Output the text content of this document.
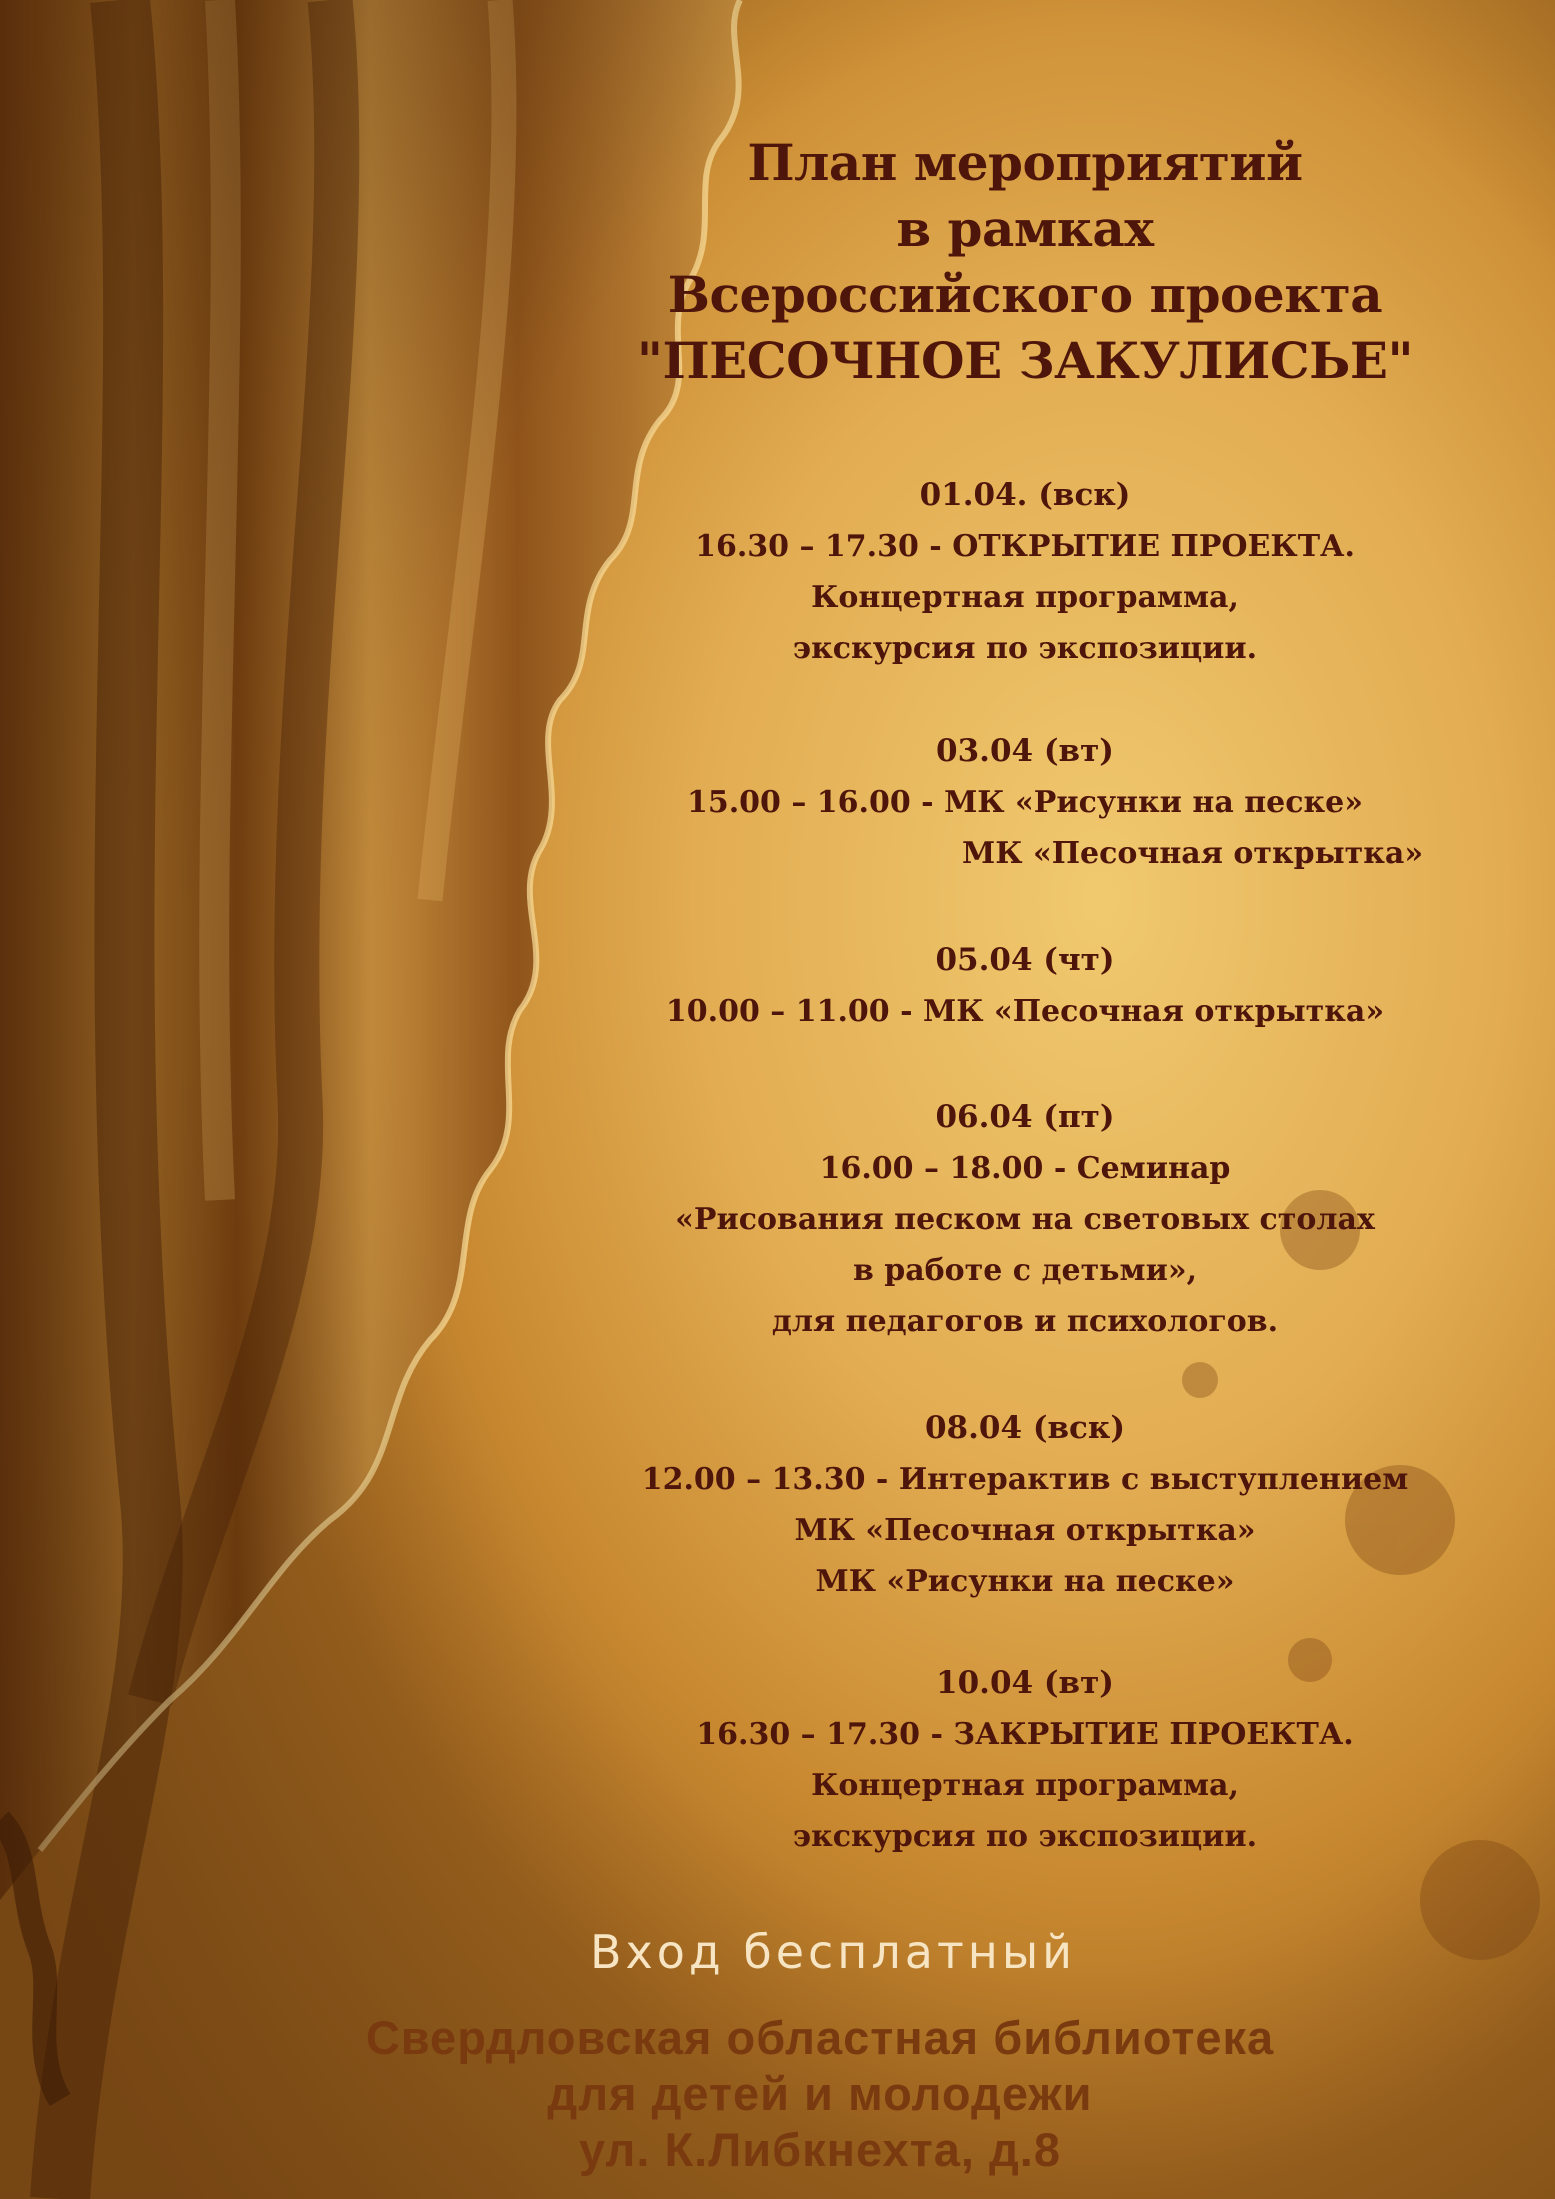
План мероприятий
в рамках
Всероссийского проекта
"ПЕСОЧНОЕ ЗАКУЛИСЬЕ"
01.04. (вск)
16.30 – 17.30 - ОТКРЫТИЕ ПРОЕКТА.
Концертная программа,
экскурсия по экспозиции.
03.04 (вт)
15.00 – 16.00 - МК «Рисунки на песке»
МК «Песочная открытка»
05.04 (чт)
10.00 – 11.00 - МК «Песочная открытка»
06.04 (пт)
16.00 – 18.00 - Семинар
«Рисования песком на световых столах
в работе с детьми»,
для педагогов и психологов.
08.04 (вск)
12.00 – 13.30 - Интерактив с выступлением
МК «Песочная открытка»
МК «Рисунки на песке»
10.04 (вт)
16.30 – 17.30 - ЗАКРЫТИЕ ПРОЕКТА.
Концертная программа,
экскурсия по экспозиции.
Вход бесплатный
Свердловская областная библиотека
для детей и молодежи
ул. К.Либкнехта, д.8
